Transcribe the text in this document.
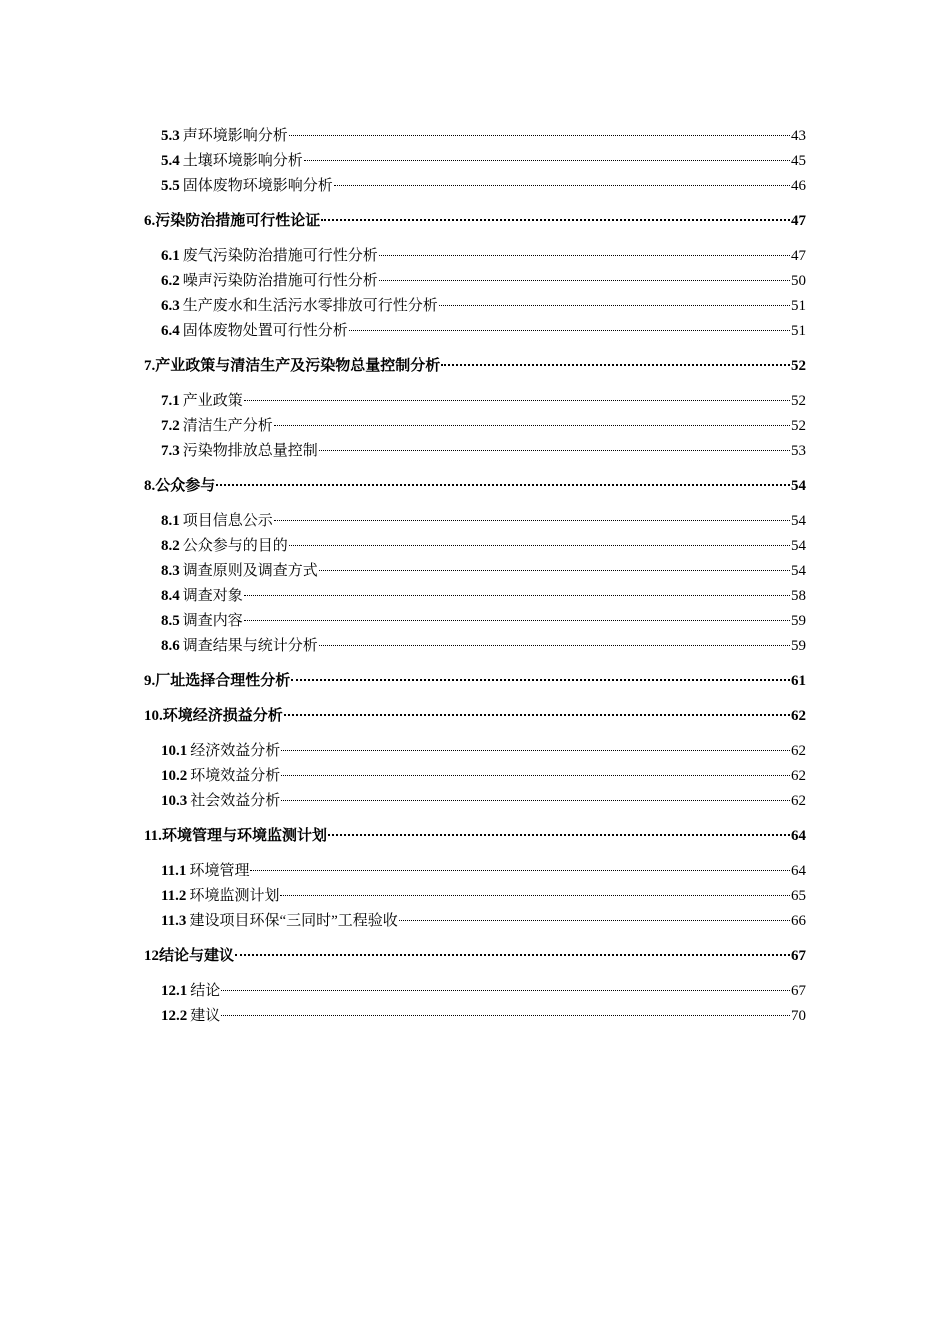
5.3 声环境影响分析	43
5.4 土壤环境影响分析	45
5.5 固体废物环境影响分析	46
6. 污染防治措施可行性论证	47
6.1 废气污染防治措施可行性分析	47
6.2 噪声污染防治措施可行性分析	50
6.3 生产废水和生活污水零排放可行性分析	51
6.4 固体废物处置可行性分析	51
7. 产业政策与清洁生产及污染物总量控制分析	52
7.1 产业政策	52
7.2 清洁生产分析	52
7.3 污染物排放总量控制	53
8. 公众参与	54
8.1 项目信息公示	54
8.2 公众参与的目的	54
8.3 调查原则及调查方式	54
8.4 调查对象	58
8.5 调查内容	59
8.6 调查结果与统计分析	59
9. 厂址选择合理性分析	61
10. 环境经济损益分析	62
10.1 经济效益分析	62
10.2 环境效益分析	62
10.3 社会效益分析	62
11. 环境管理与环境监测计划	64
11.1 环境管理	64
11.2 环境监测计划	65
11.3 建设项目环保“三同时”工程验收	66
12 结论与建议	67
12.1 结论	67
12.2 建议	70
